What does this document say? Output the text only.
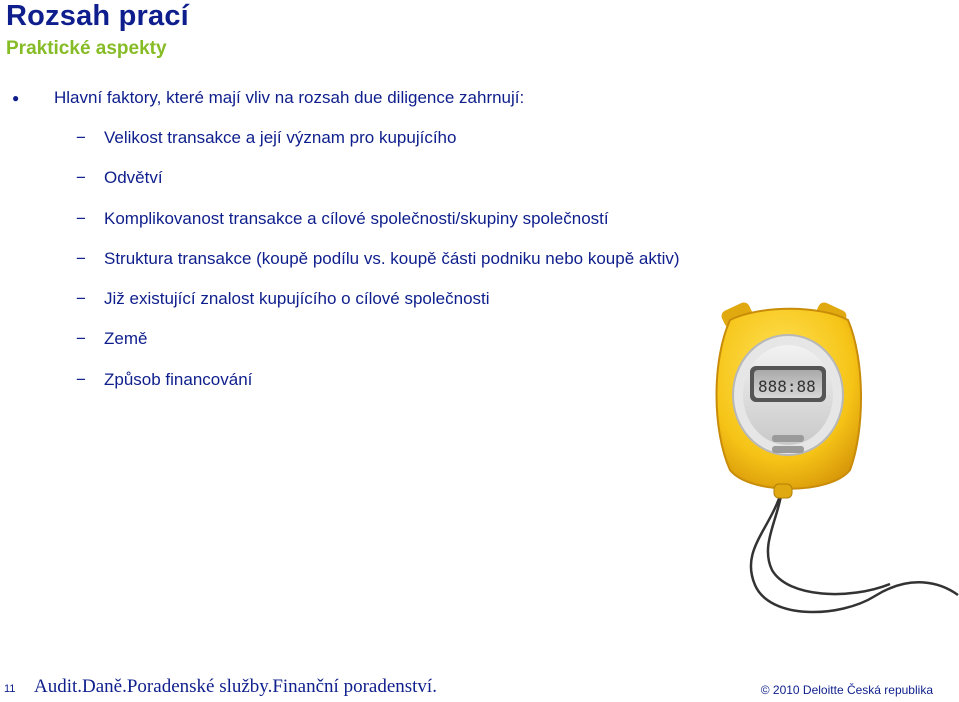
Rozsah prací
Praktické aspekty
●	Hlavní faktory, které mají vliv na rozsah due diligence zahrnují:
−	Velikost transakce a její význam pro kupujícího
−	Odvětví
−	Komplikovanost transakce a cílové společnosti/skupiny společností
−	Struktura transakce (koupě podílu vs. koupě části podniku nebo koupě aktiv)
−	Již existující znalost kupujícího o cílové společnosti
−	Země
−	Způsob financování	888:88
11 Audit.Daně.Poradenské služby.Finanční poradenství.	© 2010 Deloitte Česká republika
